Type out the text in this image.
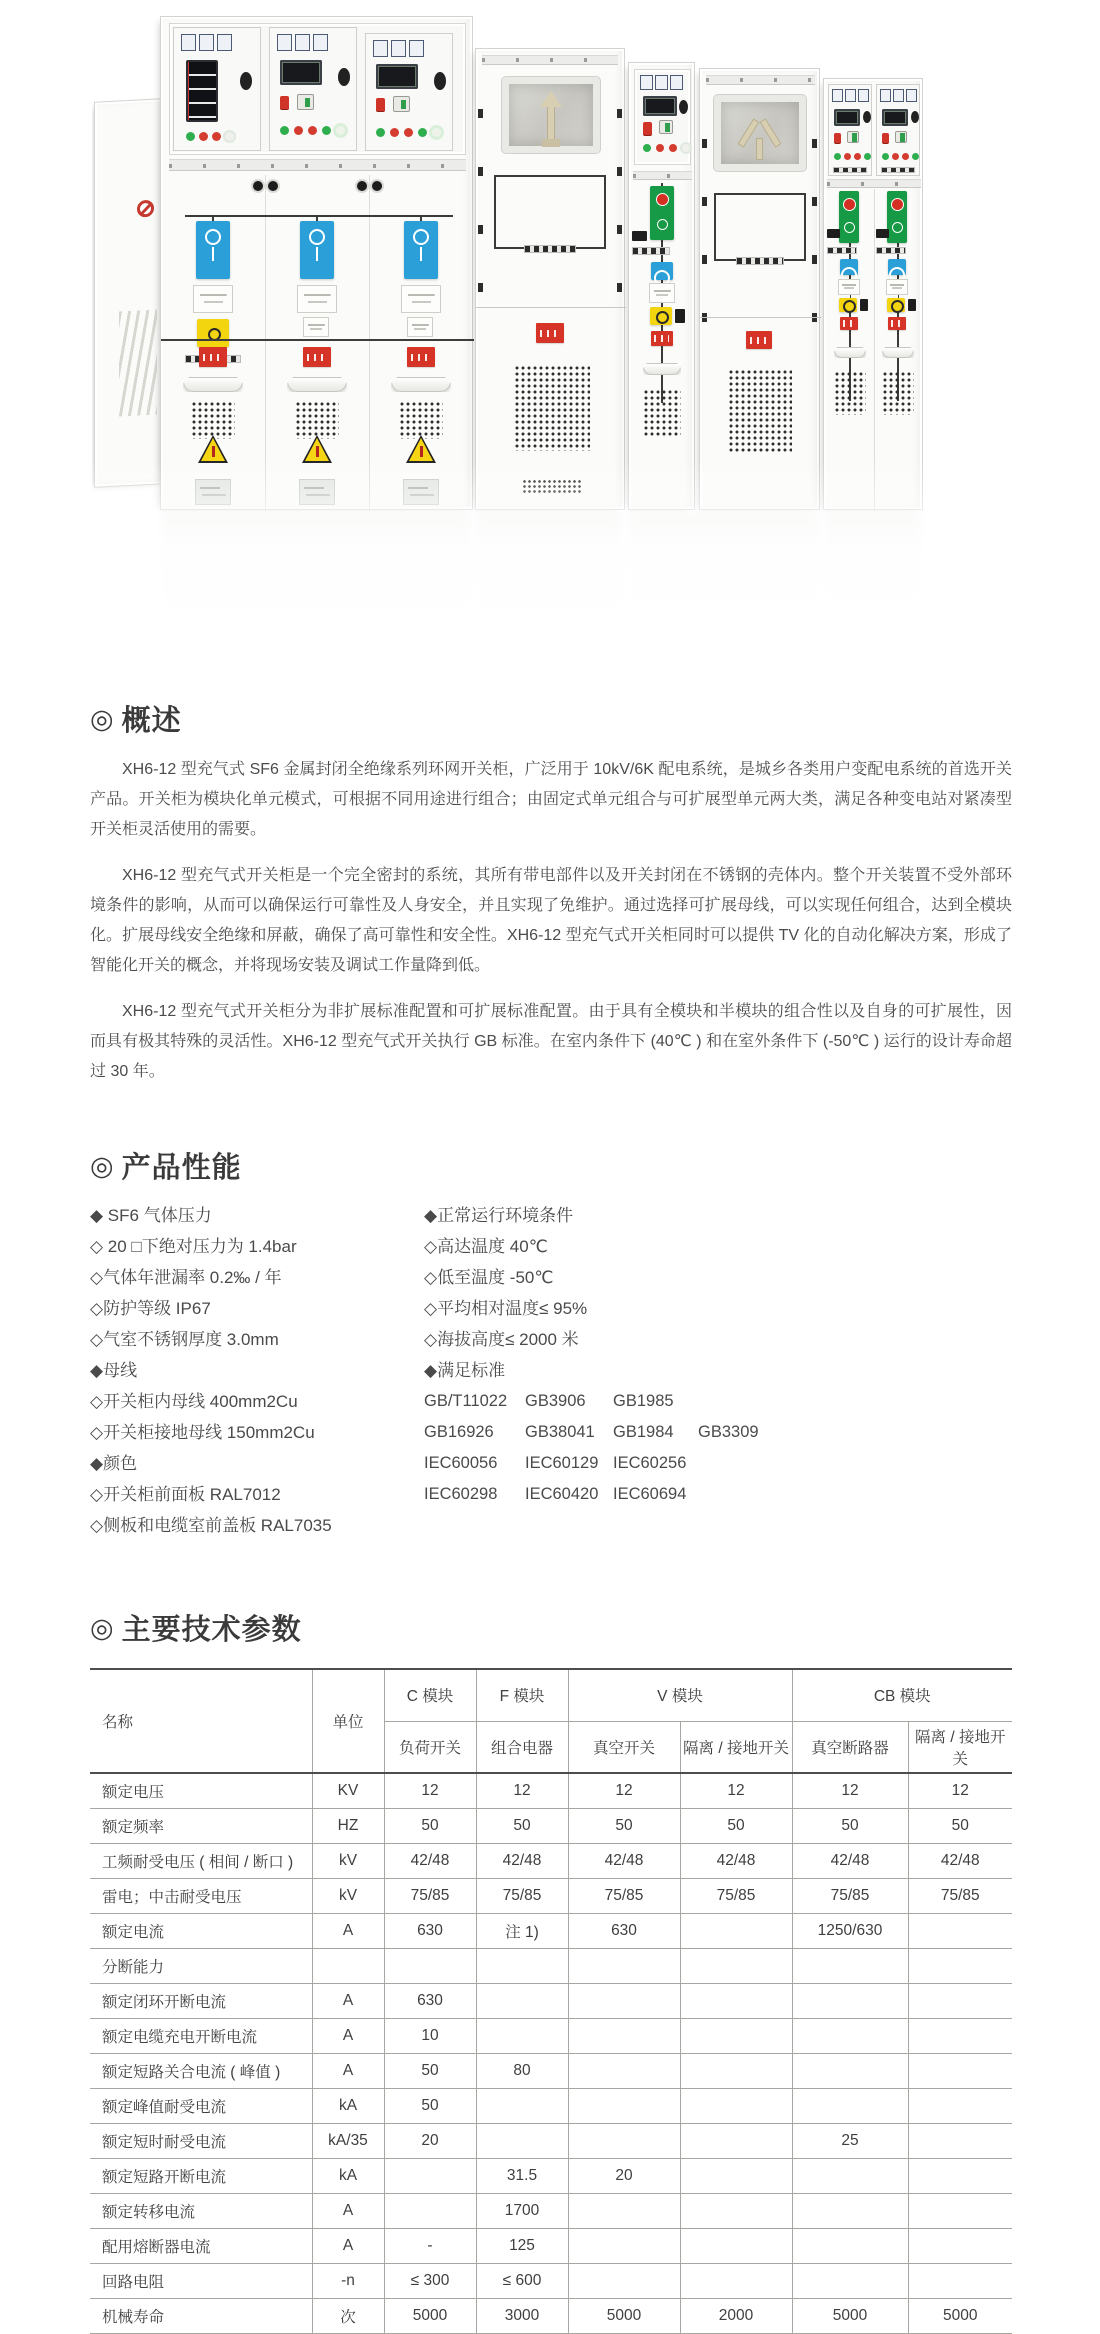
◎ 概述

XH6-12 型充气式 SF6 金属封闭全绝缘系列环网开关柜，广泛用于 10kV/6K 配电系统，是城乡各类用户变配电系统的首选开关产品。开关柜为模块化单元模式，可根据不同用途进行组合；由固定式单元组合与可扩展型单元两大类，满足各种变电站对紧凑型开关柜灵活使用的需要。

XH6-12 型充气式开关柜是一个完全密封的系统，其所有带电部件以及开关封闭在不锈钢的壳体内。整个开关装置不受外部环境条件的影响，从而可以确保运行可靠性及人身安全，并且实现了免维护。通过选择可扩展母线，可以实现任何组合，达到全模块化。扩展母线安全绝缘和屏蔽，确保了高可靠性和安全性。XH6-12 型充气式开关柜同时可以提供 TV 化的自动化解决方案，形成了智能化开关的概念，并将现场安装及调试工作量降到低。

XH6-12 型充气式开关柜分为非扩展标准配置和可扩展标准配置。由于具有全模块和半模块的组合性以及自身的可扩展性，因而具有极其特殊的灵活性。XH6-12 型充气式开关执行 GB 标准。在室内条件下 (40℃ ) 和在室外条件下 (-50℃ ) 运行的设计寿命超过 30 年。

◎ 产品性能
◆ SF6 气体压力
◇ 20 □下绝对压力为 1.4bar
◇气体年泄漏率 0.2‰ / 年
◇防护等级 IP67
◇气室不锈钢厚度 3.0mm
◆母线
◇开关柜内母线 400mm2Cu
◇开关柜接地母线 150mm2Cu
◆颜色
◇开关柜前面板 RAL7012
◇侧板和电缆室前盖板 RAL7035
◆正常运行环境条件
◇高达温度 40℃
◇低至温度 -50℃
◇平均相对温度≤ 95%
◇海拔高度≤ 2000 米
◆满足标准
GB/T11022	GB3906	GB1985
GB16926	GB38041	GB1984	GB3309
IEC60056	IEC60129 IEC60256
IEC60298	IEC60420 IEC60694
◎ 主要技术参数
名称	单位	C 模块	F 模块	V 模块		CB 模块	
		负荷开关	组合电器	真空开关	隔离 / 接地开关	真空断路器	隔离 / 接地开关
额定电压	KV	12	12	12	12	12	12
额定频率	HZ	50	50	50	50	50	50
工频耐受电压 ( 相间 / 断口 )	kV	42/48	42/48	42/48	42/48	42/48	42/48
雷电；中击耐受电压	kV	75/85	75/85	75/85	75/85	75/85	75/85
额定电流	A	630	注 1)	630		1250/630	
分断能力							
额定闭环开断电流	A	630					
额定电缆充电开断电流	A	10					
额定短路关合电流 ( 峰值 )	A	50	80				
额定峰值耐受电流	kA	50					
额定短时耐受电流	kA/35	20				25	
额定短路开断电流	kA		31.5	20			
额定转移电流	A		1700				
配用熔断器电流	A	-	125				
回路电阻	-n	≤ 300	≤ 600				
机械寿命	次	5000	3000	5000	2000	5000	5000
